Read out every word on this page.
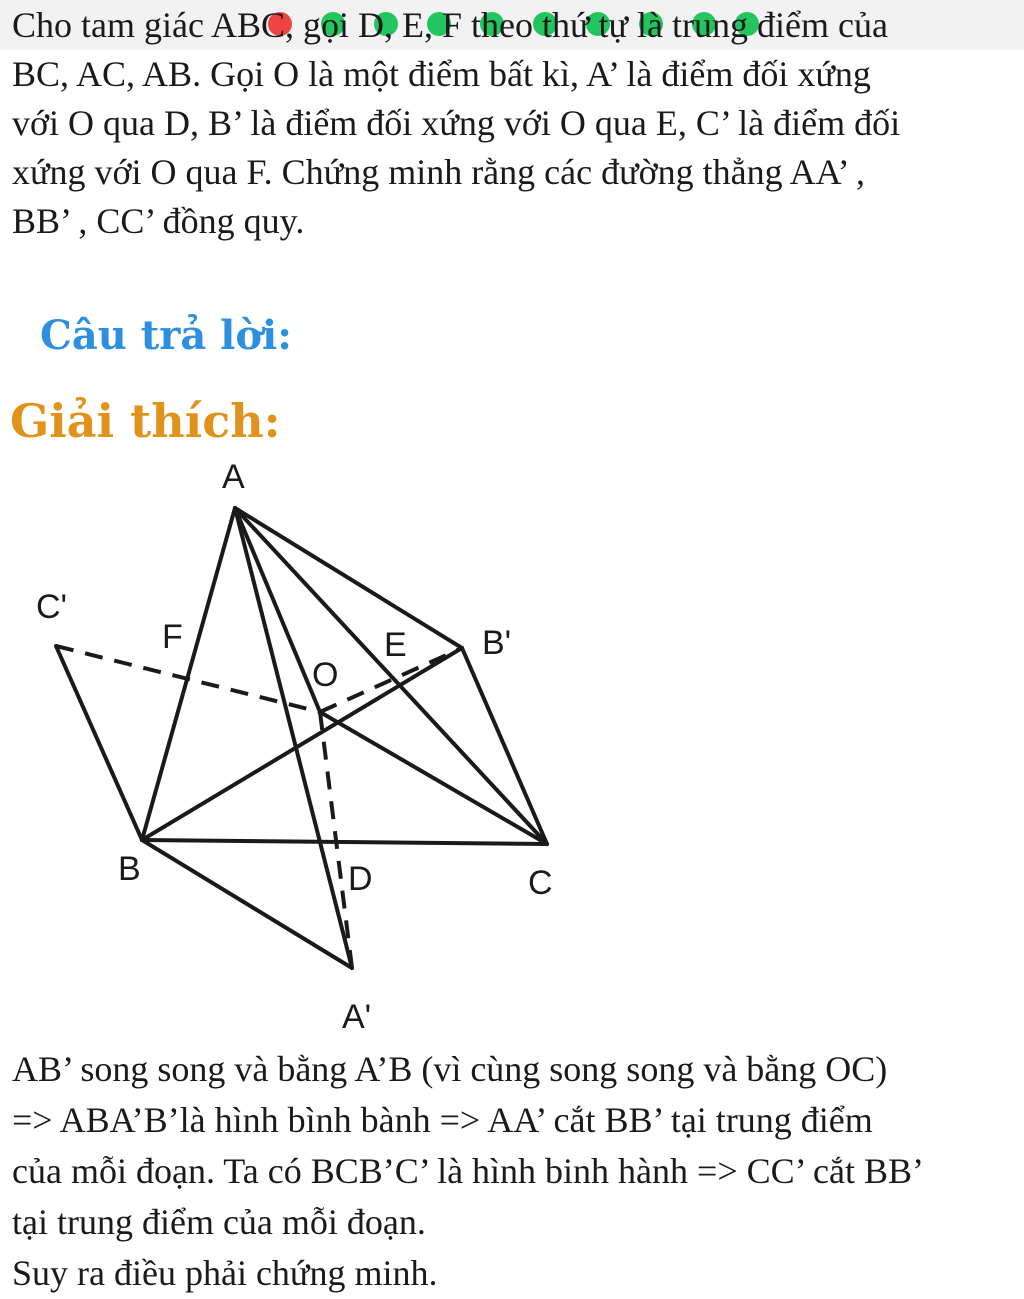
Cho tam giác ABC, gọi D, E, F theo thứ tự là trung điểm của
BC, AC, AB. Gọi O là một điểm bất kì, A’ là điểm đối xứng
với O qua D, B’ là điểm đối xứng với O qua E, C’ là điểm đối
xứng với O qua F. Chứng minh rằng các đường thẳng AA’ ,
BB’ , CC’ đồng quy.
Câu trả lời:
Giải thích:
A
C'
F	E B'
O
B	D	C
A'

AB’ song song và bằng A’B (vì cùng song song và bằng OC)

=> ABA’B’là hình bình bành => AA’ cắt BB’ tại trung điểm

của mỗi đoạn. Ta có BCB’C’ là hình binh hành => CC’ cắt BB’

tại trung điểm của mỗi đoạn.

Suy ra điều phải chứng minh.
